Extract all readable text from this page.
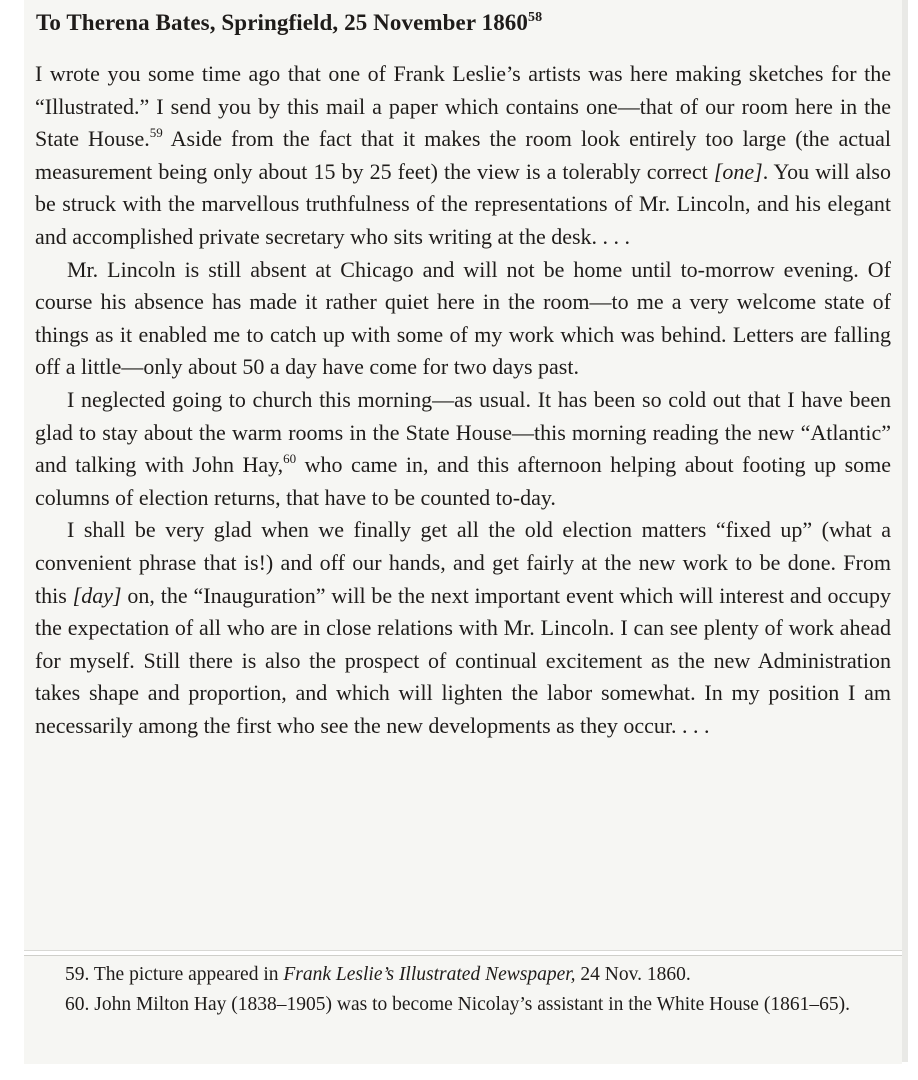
To Therena Bates, Springfield, 25 November 1860$^{58}$

I wrote you some time ago that one of Frank Leslie’s artists was here making sketches for the “Illustrated.” I send you by this mail a paper which contains one—that of our room here in the State House.$^{59}$ Aside from the fact that it makes the room look entirely too large (the actual measurement being only about 15 by 25 feet) the view is a tolerably correct [one]. You will also be struck with the marvellous truthfulness of the representations of Mr. Lincoln, and his elegant and accomplished private secretary who sits writing at the desk. . . .

Mr. Lincoln is still absent at Chicago and will not be home until to-morrow evening. Of course his absence has made it rather quiet here in the room—to me a very welcome state of things as it enabled me to catch up with some of my work which was behind. Letters are falling off a little—only about 50 a day have come for two days past.

I neglected going to church this morning—as usual. It has been so cold out that I have been glad to stay about the warm rooms in the State House—this morning reading the new “Atlantic” and talking with John Hay,$^{60}$ who came in, and this afternoon helping about footing up some columns of election returns, that have to be counted to-day.

I shall be very glad when we finally get all the old election matters “fixed up” (what a convenient phrase that is!) and off our hands, and get fairly at the new work to be done. From this [day] on, the “Inauguration” will be the next important event which will interest and occupy the expectation of all who are in close relations with Mr. Lincoln. I can see plenty of work ahead for myself. Still there is also the prospect of continual excitement as the new Administration takes shape and proportion, and which will lighten the labor somewhat. In my position I am necessarily among the first who see the new developments as they occur. . . .

59. The picture appeared in Frank Leslie’s Illustrated Newspaper, 24 Nov. 1860.

60. John Milton Hay (1838–1905) was to become Nicolay’s assistant in the White House (1861–65).
